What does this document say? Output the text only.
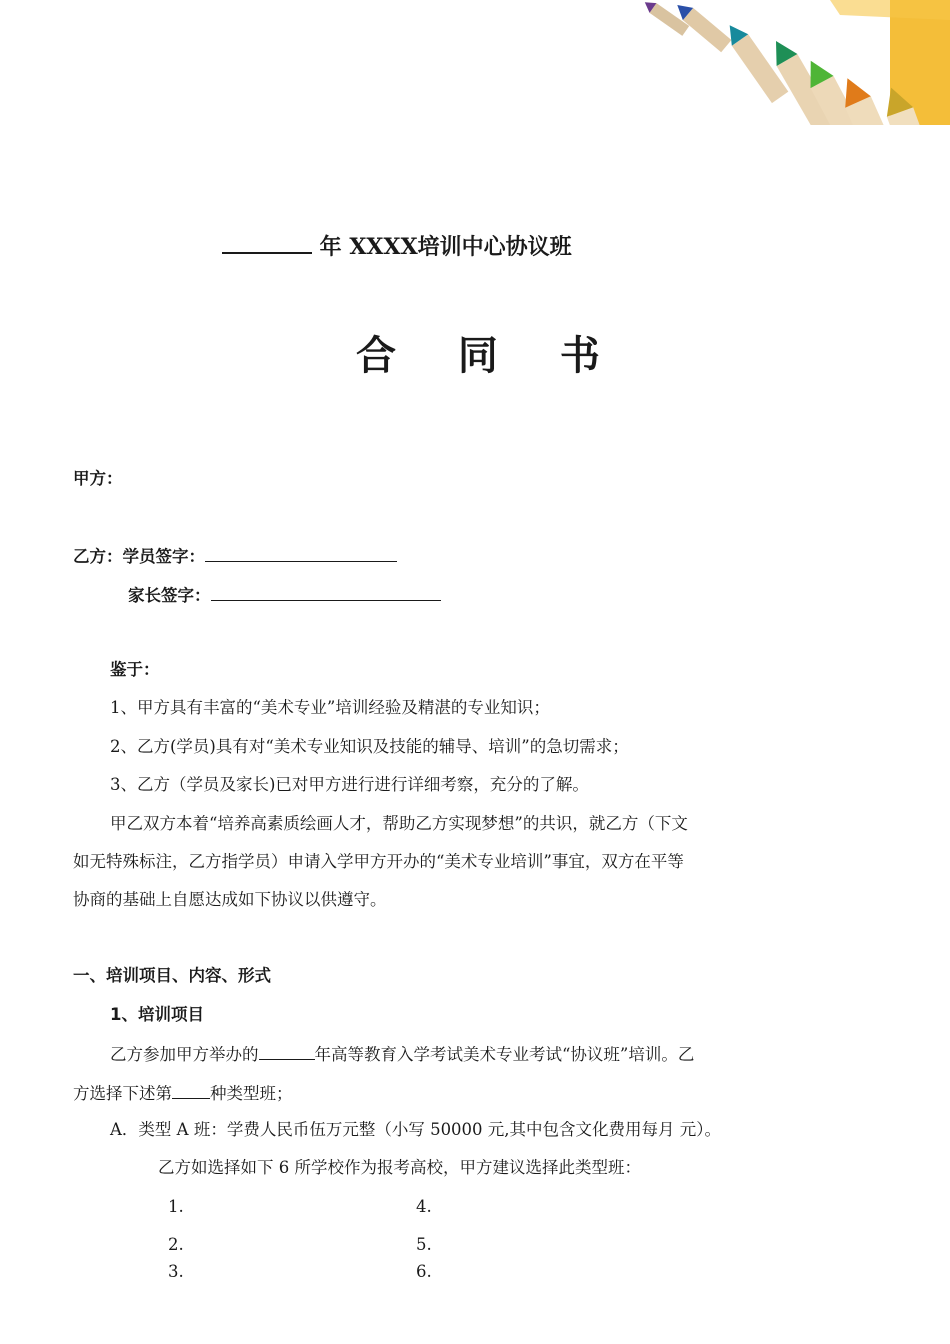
年 XXXX培训中心协议班
合 同 书
甲方：
乙方：学员签字：
家长签字：
鉴于：
1、甲方具有丰富的“美术专业”培训经验及精湛的专业知识；
2、乙方(学员)具有对“美术专业知识及技能的辅导、培训”的急切需求；
3、乙方（学员及家长)已对甲方进行进行详细考察，充分的了解。
甲乙双方本着“培养高素质绘画人才，帮助乙方实现梦想”的共识，就乙方（下文
如无特殊标注，乙方指学员）申请入学甲方开办的“美术专业培训”事宜，双方在平等
协商的基础上自愿达成如下协议以供遵守。
一、培训项目、内容、形式
1、培训项目
乙方参加甲方举办的	年高等教育入学考试美术专业考试“协议班”培训。乙
方选择下述第 种类型班；
A．类型 A 班：学费人民币伍万元整（小写 50000 元,其中包含文化费用每月 元）。
乙方如选择如下 6 所学校作为报考高校，甲方建议选择此类型班：
1.
2.
3.
4.
5.
6.
